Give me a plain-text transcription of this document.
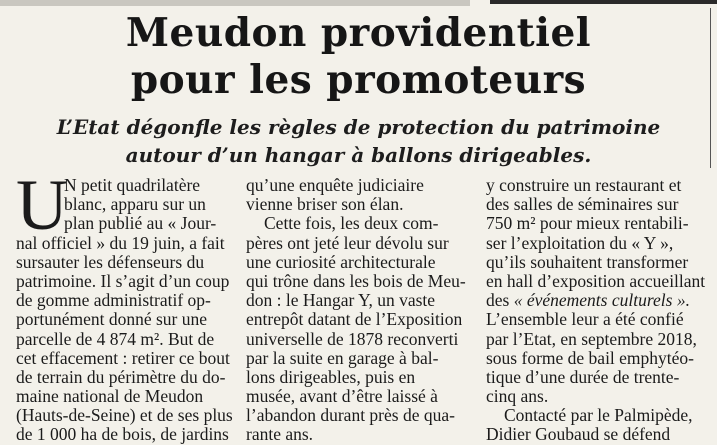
Meudon providentiel
pour les promoteurs
L’Etat dégonfle les règles de protection du patrimoine
autour d’un hangar à ballons dirigeables.
U
N petit quadrilatère
blanc, apparu sur un
plan publié au « Jour-
nal officiel » du 19 juin, a fait
sursauter les défenseurs du
patrimoine. Il s’agit d’un coup
de gomme administratif op-
portunément donné sur une
parcelle de 4 874 m². But de
cet effacement : retirer ce bout
de terrain du périmètre du do-
maine national de Meudon
(Hauts-de-Seine) et de ses plus
de 1 000 ha de bois, de jardins
qu’une enquête judiciaire
vienne briser son élan.
Cette fois, les deux com-
pères ont jeté leur dévolu sur
une curiosité architecturale
qui trône dans les bois de Meu-
don : le Hangar Y, un vaste
entrepôt datant de l’Exposition
universelle de 1878 reconverti
par la suite en garage à bal-
lons dirigeables, puis en
musée, avant d’être laissé à
l’abandon durant près de qua-
rante ans.
y construire un restaurant et
des salles de séminaires sur
750 m² pour mieux rentabili-
ser l’exploitation du « Y »,
qu’ils souhaitent transformer
en hall d’exposition accueillant
des « événements culturels ».
L’ensemble leur a été confié
par l’Etat, en septembre 2018,
sous forme de bail emphytéo-
tique d’une durée de trente-
cinq ans.
Contacté par le Palmipède,
Didier Goubaud se défend
